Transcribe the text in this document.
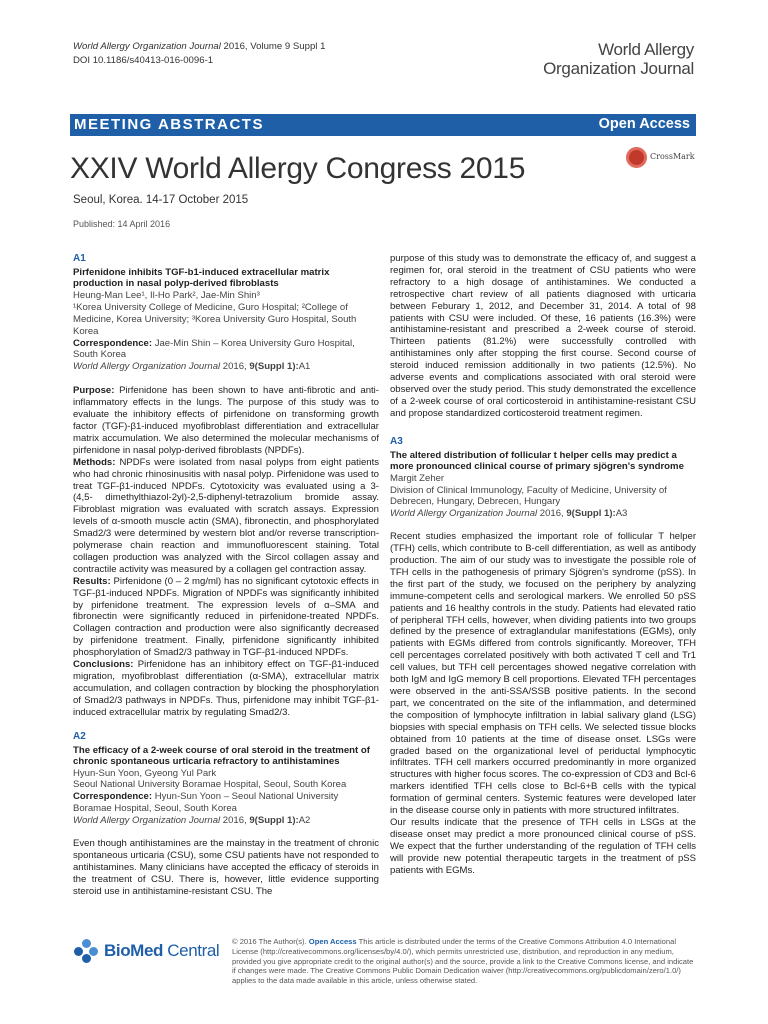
World Allergy Organization Journal 2016, Volume 9 Suppl 1
DOI 10.1186/s40413-016-0096-1
World Allergy
Organization Journal
MEETING ABSTRACTS	Open Access
XXIV World Allergy Congress 2015	CrossMark
Seoul, Korea. 14-17 October 2015
Published: 14 April 2016
A1
Pirfenidone inhibits TGF-b1-induced extracellular matrix production in nasal polyp-derived fibroblasts
Heung-Man Lee¹, Il-Ho Park², Jae-Min Shin³
¹Korea University College of Medicine, Guro Hospital; ²College of Medicine, Korea University; ³Korea University Guro Hospital, South Korea
Correspondence: Jae-Min Shin – Korea University Guro Hospital, South Korea
World Allergy Organization Journal 2016, 9(Suppl 1):A1
Purpose: Pirfenidone has been shown to have anti-fibrotic and anti-inflammatory effects in the lungs. The purpose of this study was to evaluate the inhibitory effects of pirfenidone on transforming growth factor (TGF)-β1-induced myofibroblast differentiation and extracellular matrix accumulation. We also determined the molecular mechanisms of pirfenidone in nasal polyp-derived fibroblasts (NPDFs).
Methods: NPDFs were isolated from nasal polyps from eight patients who had chronic rhinosinusitis with nasal polyp. Pirfenidone was used to treat TGF-β1-induced NPDFs. Cytotoxicity was evaluated using a 3-(4,5- dimethylthiazol-2yl)-2,5-diphenyl-tetrazolium bromide assay. Fibroblast migration was evaluated with scratch assays. Expression levels of α-smooth muscle actin (SMA), fibronectin, and phosphorylated Smad2/3 were determined by western blot and/or reverse transcription-polymerase chain reaction and immunofluorescent staining. Total collagen production was analyzed with the Sircol collagen assay and contractile activity was measured by a collagen gel contraction assay.
Results: Pirfenidone (0 – 2 mg/ml) has no significant cytotoxic effects in TGF-β1-induced NPDFs. Migration of NPDFs was significantly inhibited by pirfenidone treatment. The expression levels of α–SMA and fibronectin were significantly reduced in pirfenidone-treated NPDFs. Collagen contraction and production were also significantly decreased by pirfenidone treatment. Finally, pirfenidone significantly inhibited phosphorylation of Smad2/3 pathway in TGF-β1-induced NPDFs.
Conclusions: Pirfenidone has an inhibitory effect on TGF-β1-induced migration, myofibroblast differentiation (α-SMA), extracellular matrix accumulation, and collagen contraction by blocking the phosphorylation of Smad2/3 pathways in NPDFs. Thus, pirfenidone may inhibit TGF-β1-induced extracellular matrix by regulating Smad2/3.
A2
The efficacy of a 2-week course of oral steroid in the treatment of chronic spontaneous urticaria refractory to antihistamines
Hyun-Sun Yoon, Gyeong Yul Park
Seoul National University Boramae Hospital, Seoul, South Korea
Correspondence: Hyun-Sun Yoon – Seoul National University Boramae Hospital, Seoul, South Korea
World Allergy Organization Journal 2016, 9(Suppl 1):A2
Even though antihistamines are the mainstay in the treatment of chronic spontaneous urticaria (CSU), some CSU patients have not responded to antihistamines. Many clinicians have accepted the efficacy of steroids in the treatment of CSU. There is, however, little evidence supporting steroid use in antihistamine-resistant CSU. The
purpose of this study was to demonstrate the efficacy of, and suggest a regimen for, oral steroid in the treatment of CSU patients who were refractory to a high dosage of antihistamines. We conducted a retrospective chart review of all patients diagnosed with urticaria between Feburary 1, 2012, and December 31, 2014. A total of 98 patients with CSU were included. Of these, 16 patients (16.3%) were antihistamine-resistant and prescribed a 2-week course of steroid. Thirteen patients (81.2%) were successfully controlled with antihistamines only after stopping the first course. Second course of steroid induced remission additionally in two patients (12.5%). No adverse events and complications associated with oral steroid were observed over the study period. This study demonstrated the excellence of a 2-week course of oral corticosteroid in antihistamine-resistant CSU and propose standardized corticosteroid treatment regimen.
A3
The altered distribution of follicular t helper cells may predict a more pronounced clinical course of primary sjögren's syndrome
Margit Zeher
Division of Clinical Immunology, Faculty of Medicine, University of Debrecen, Hungary, Debrecen, Hungary
World Allergy Organization Journal 2016, 9(Suppl 1):A3
Recent studies emphasized the important role of follicular T helper (TFH) cells, which contribute to B-cell differentiation, as well as antibody production. The aim of our study was to investigate the possible role of TFH cells in the pathogenesis of primary Sjögren's syndrome (pSS). In the first part of the study, we focused on the periphery by analyzing immune-competent cells and serological markers. We enrolled 50 pSS patients and 16 healthy controls in the study. Patients had elevated ratio of peripheral TFH cells, however, when dividing patients into two groups defined by the presence of extraglandular manifestations (EGMs), only patients with EGMs differed from controls significantly. Moreover, TFH cell percentages correlated positively with both activated T cell and Tr1 cell values, but TFH cell percentages showed negative correlation with both IgM and IgG memory B cell proportions. Elevated TFH percentages were observed in the anti-SSA/SSB positive patients. In the second part, we concentrated on the site of the inflammation, and determined the composition of lymphocyte infiltration in labial salivary gland (LSG) biopsies with special emphasis on TFH cells. We selected tissue blocks obtained from 10 patients at the time of disease onset. LSGs were graded based on the organizational level of periductal lymphocytic infiltrates. TFH cell markers occurred predominantly in more organized structures with higher focus scores. The co-expression of CD3 and Bcl-6 markers identified TFH cells close to Bcl-6+B cells with the typical formation of germinal centers. Systemic features were developed later in the disease course only in patients with more structured infiltrates.
Our results indicate that the presence of TFH cells in LSGs at the disease onset may predict a more pronounced clinical course of pSS. We expect that the further understanding of the regulation of TFH cells will provide new potential therapeutic targets in the treatment of pSS patients with EGMs.
BioMed Central © 2016 The Author(s). Open Access This article is distributed under the terms of the Creative Commons Attribution 4.0 International License (http://creativecommons.org/licenses/by/4.0/), which permits unrestricted use, distribution, and reproduction in any medium, provided you give appropriate credit to the original author(s) and the source, provide a link to the Creative Commons license, and indicate if changes were made. The Creative Commons Public Domain Dedication waiver (http://creativecommons.org/publicdomain/zero/1.0/) applies to the data made available in this article, unless otherwise stated.
